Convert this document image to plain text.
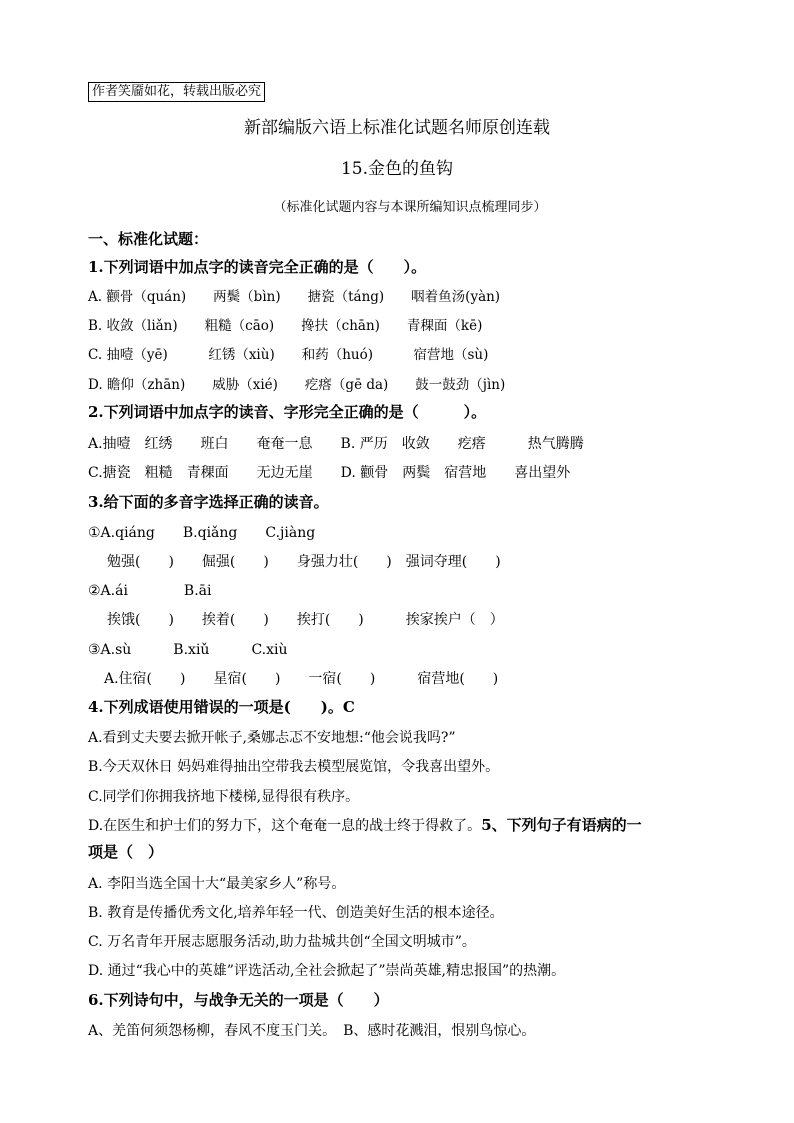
作者笑靥如花，转载出版必究
新部编版六语上标准化试题名师原创连载
15.金色的鱼钩
（标准化试题内容与本课所编知识点梳理同步）
一、标准化试题：
1.下列词语中加点字的读音完全正确的是（　　）。
A. 颧骨（quán)　　两鬓（bìn)　　搪瓷（táng)　　咽着鱼汤(yàn)
B. 收敛（liǎn)　　粗糙（cāo)　　搀扶（chān)　　青稞面（kē)
C. 抽噎（yē)　　　红锈（xiù)　　和药（huó)　　　宿营地（sù)
D. 瞻仰（zhān)　　威胁（xié)　　疙瘩（gē da)　　鼓一鼓劲（jìn)
2.下列词语中加点字的读音、字形完全正确的是（　　　）。
A.抽噎　红绣　　班白　　奄奄一息　　B. 严历　收敛　　疙瘩　　　热气腾腾
C.搪瓷　粗糙　青稞面　　无边无崖　　D. 颧骨　两鬓　宿营地　　喜出望外
3.给下面的多音字选择正确的读音。
①A.qiáng　　B.qiǎng　　C.jiàng
勉强(　　)　　倔强(　　)　　身强力壮(　　)　强词夺理(　　)
②A.ái　　　　B.āi
挨饿(　　)　　挨着(　　)　　挨打(　　)　　　挨家挨户（　）
③A.sù　　　B.xiǔ　　　C.xiù
A.住宿(　　)　　星宿(　　)　　一宿(　　)　　　宿营地(　　)
4.下列成语使用错误的一项是(　　)。C
A.看到丈夫要去掀开帐子,桑娜忐忑不安地想:“他会说我吗?”
B.今天双休日 妈妈难得抽出空带我去模型展览馆，令我喜出望外。
C.同学们你拥我挤地下楼梯,显得很有秩序。
D.在医生和护士们的努力下，这个奄奄一息的战士终于得救了。5、下列句子有语病的一
项是（　）
A. 李阳当选全国十大“最美家乡人”称号。
B. 教育是传播优秀文化,培养年轻一代、创造美好生活的根本途径。
C. 万名青年开展志愿服务活动,助力盐城共创“全国文明城市”。
D. 通过“我心中的英雄”评选活动,全社会掀起了”崇尚英雄,精忠报国”的热潮。
6.下列诗句中，与战争无关的一项是（　　）
A、羌笛何须怨杨柳，春风不度玉门关。　B、感时花溅泪，恨别鸟惊心。
